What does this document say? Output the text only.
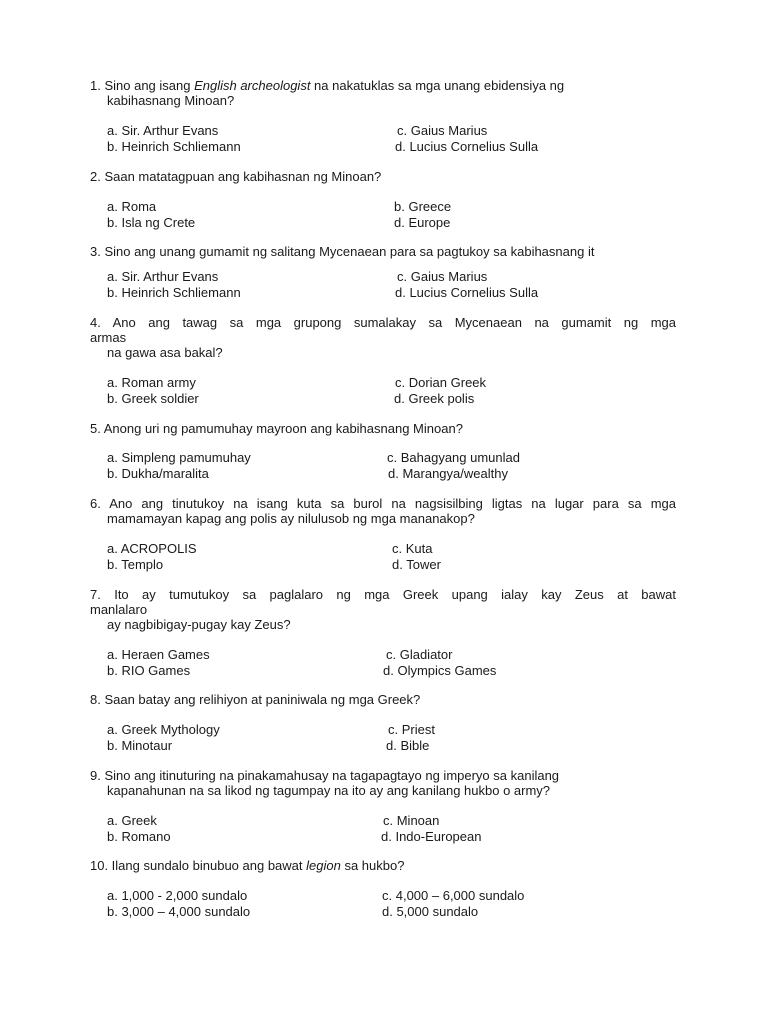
1. Sino ang isang English archeologist na nakatuklas sa mga unang ebidensiya ng
kabihasnang Minoan?
a. Sir. Arthur Evans	c. Gaius Marius
b. Heinrich Schliemann	d. Lucius Cornelius Sulla
2. Saan matatagpuan ang kabihasnan ng Minoan?
a. Roma	b. Greece
b. Isla ng Crete	d. Europe
3. Sino ang unang gumamit ng salitang Mycenaean para sa pagtukoy sa kabihasnang it
a. Sir. Arthur Evans	c. Gaius Marius
b. Heinrich Schliemann	d. Lucius Cornelius Sulla
4. Ano ang tawag sa mga grupong sumalakay sa Mycenaean na gumamit ng mga
armas
na gawa asa bakal?
a. Roman army	c. Dorian Greek
b. Greek soldier	d. Greek polis
5. Anong uri ng pamumuhay mayroon ang kabihasnang Minoan?
a. Simpleng pamumuhay	c. Bahagyang umunlad
b. Dukha/maralita	d. Marangya/wealthy
6. Ano ang tinutukoy na isang kuta sa burol na nagsisilbing ligtas na lugar para sa mga
mamamayan kapag ang polis ay nilulusob ng mga mananakop?
a. ACROPOLIS	c. Kuta
b. Templo	d. Tower
7. Ito ay tumutukoy sa paglalaro ng mga Greek upang ialay kay Zeus at bawat
manlalaro
ay nagbibigay-pugay kay Zeus?
a. Heraen Games	c. Gladiator
b. RIO Games	d. Olympics Games
8. Saan batay ang relihiyon at paniniwala ng mga Greek?
a. Greek Mythology	c. Priest
b. Minotaur	d. Bible
9. Sino ang itinuturing na pinakamahusay na tagapagtayo ng imperyo sa kanilang
kapanahunan na sa likod ng tagumpay na ito ay ang kanilang hukbo o army?
a. Greek	c. Minoan
b. Romano	d. Indo-European
10. Ilang sundalo binubuo ang bawat legion sa hukbo?
a. 1,000 - 2,000 sundalo	c. 4,000 – 6,000 sundalo
b. 3,000 – 4,000 sundalo	d. 5,000 sundalo
